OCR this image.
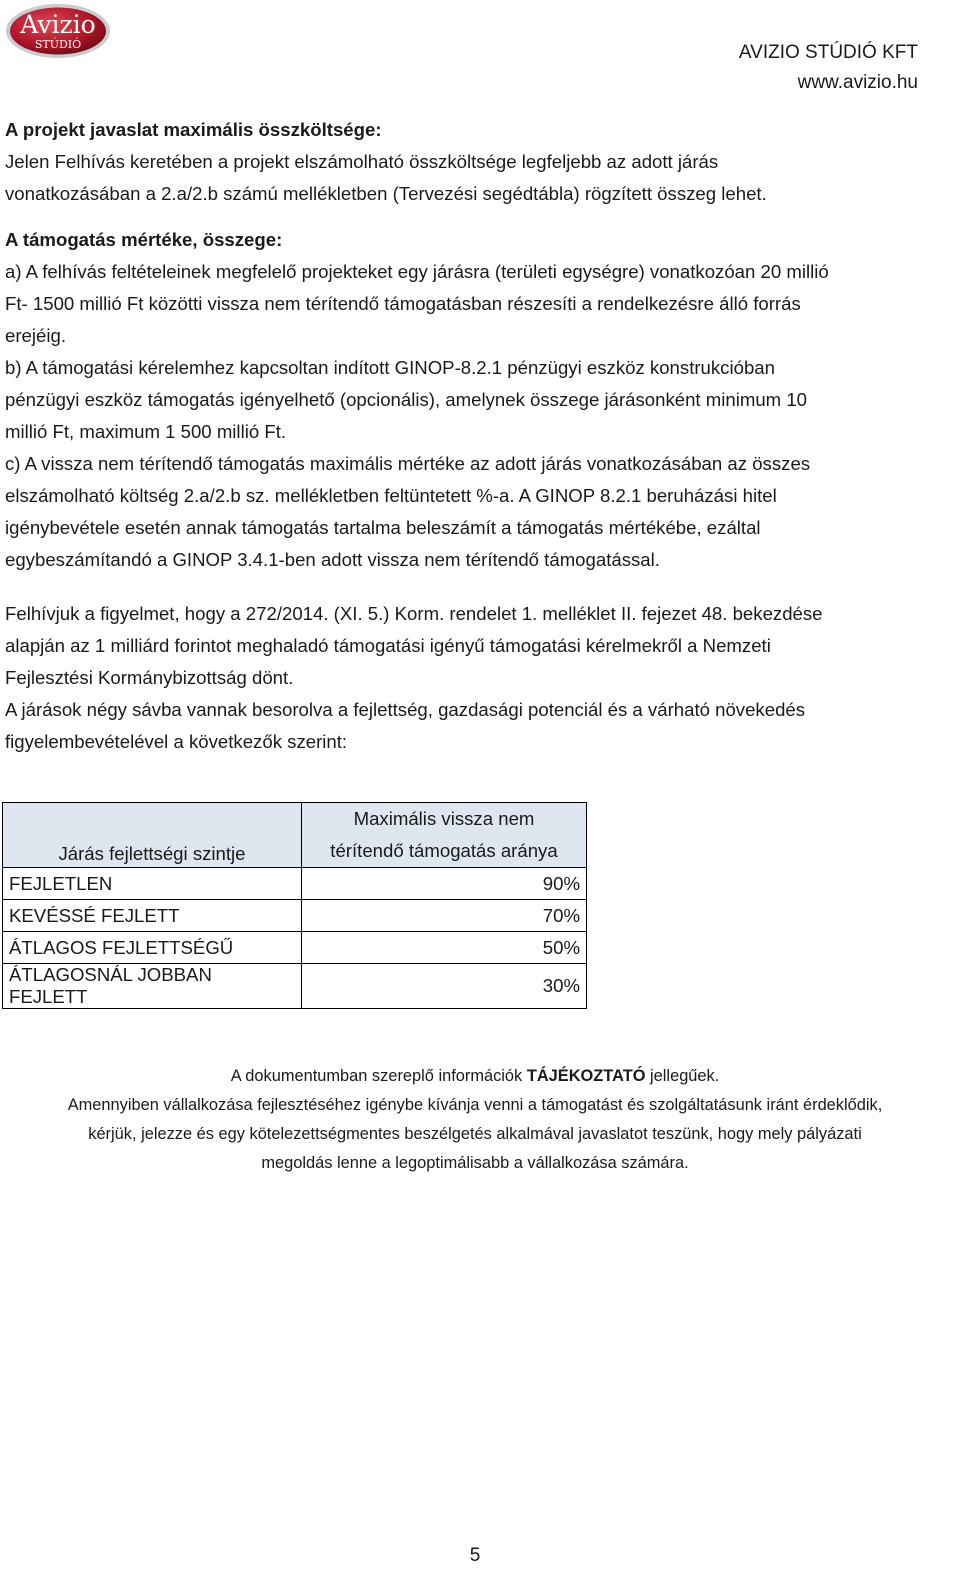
Avizio
STÚDIÓ	AVIZIO STÚDIÓ KFT
www.avizio.hu

A projekt javaslat maximális összköltsége:

Jelen Felhívás keretében a projekt elszámolható összköltsége legfeljebb az adott járás

vonatkozásában a 2.a/2.b számú mellékletben (Tervezési segédtábla) rögzített összeg lehet.

A támogatás mértéke, összege:

a) A felhívás feltételeinek megfelelő projekteket egy járásra (területi egységre) vonatkozóan 20 millió

Ft- 1500 millió Ft közötti vissza nem térítendő támogatásban részesíti a rendelkezésre álló forrás

erejéig.

b) A támogatási kérelemhez kapcsoltan indított GINOP-8.2.1 pénzügyi eszköz konstrukcióban

pénzügyi eszköz támogatás igényelhető (opcionális), amelynek összege járásonként minimum 10

millió Ft, maximum 1 500 millió Ft.

c) A vissza nem térítendő támogatás maximális mértéke az adott járás vonatkozásában az összes

elszámolható költség 2.a/2.b sz. mellékletben feltüntetett %-a. A GINOP 8.2.1 beruházási hitel

igénybevétele esetén annak támogatás tartalma beleszámít a támogatás mértékébe, ezáltal

egybeszámítandó a GINOP 3.4.1-ben adott vissza nem térítendő támogatással.

Felhívjuk a figyelmet, hogy a 272/2014. (XI. 5.) Korm. rendelet 1. melléklet II. fejezet 48. bekezdése

alapján az 1 milliárd forintot meghaladó támogatási igényű támogatási kérelmekről a Nemzeti

Fejlesztési Kormánybizottság dönt.

A járások négy sávba vannak besorolva a fejlettség, gazdasági potenciál és a várható növekedés

figyelembevételével a következők szerint:

Járás fejlettségi szintje	Maximális vissza nem
térítendő támogatás aránya

FEJLETLEN	90%
KEVÉSSÉ FEJLETT	70%
ÁTLAGOS FEJLETTSÉGŰ	50%
ÁTLAGOSNÁL JOBBAN FEJLETT	30%
A dokumentumban szereplő információk TÁJÉKOZTATÓ jellegűek.
Amennyiben vállalkozása fejlesztéséhez igénybe kívánja venni a támogatást és szolgáltatásunk iránt érdeklődik,
kérjük, jelezze és egy kötelezettségmentes beszélgetés alkalmával javaslatot teszünk, hogy mely pályázati
megoldás lenne a legoptimálisabb a vállalkozása számára.
5
